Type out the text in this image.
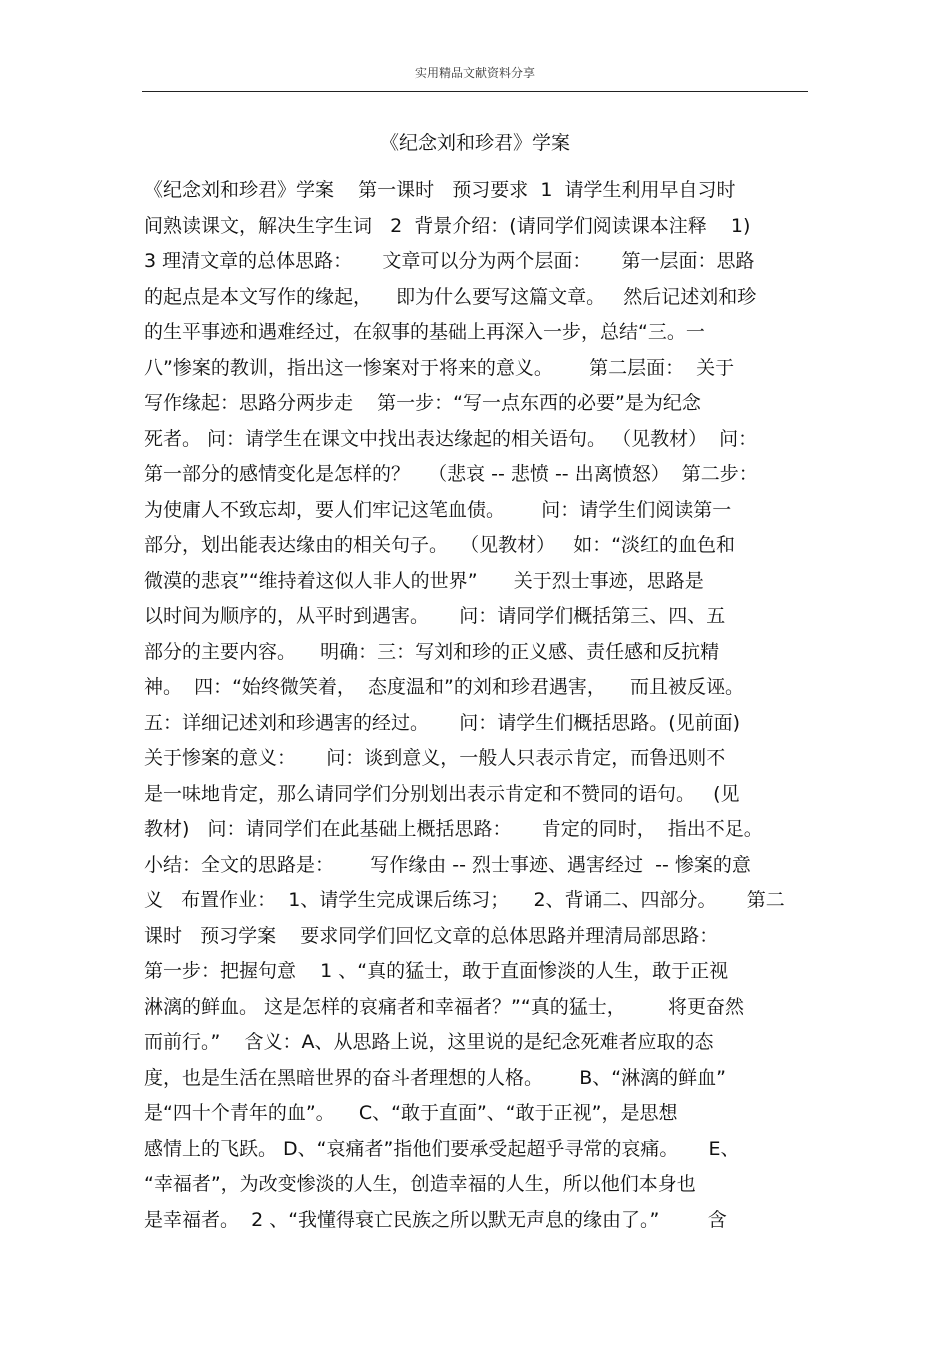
实用精品文献资料分享
《纪念刘和珍君》学案
《纪念刘和珍君》学案    第一课时   预习要求  1  请学生利用早自习时
间熟读课文，解决生字生词   2  背景介绍：(请同学们阅读课本注释    1)
3 理清文章的总体思路：     文章可以分为两个层面：     第一层面：思路
的起点是本文写作的缘起，    即为什么要写这篇文章。   然后记述刘和珍
的生平事迹和遇难经过，在叙事的基础上再深入一步，总结“三。一
八”惨案的教训，指出这一惨案对于将来的意义。      第二层面：  关于
写作缘起：思路分两步走    第一步：“写一点东西的必要”是为纪念
死者。 问：请学生在课文中找出表达缘起的相关语句。 （见教材）  问：
第一部分的感情变化是怎样的？   （悲哀 -- 悲愤 -- 出离愤怒）  第二步：
为使庸人不致忘却，要人们牢记这笔血债。      问：请学生们阅读第一
部分，划出能表达缘由的相关句子。  （见教材）   如：“淡红的血色和
微漠的悲哀”“维持着这似人非人的世界”      关于烈士事迹，思路是
以时间为顺序的，从平时到遇害。     问：请同学们概括第三、四、五
部分的主要内容。    明确：三：写刘和珍的正义感、责任感和反抗精
神。  四：“始终微笑着，  态度温和”的刘和珍君遇害，    而且被反诬。
五：详细记述刘和珍遇害的经过。     问：请学生们概括思路。(见前面)
关于惨案的意义：     问：谈到意义，一般人只表示肯定，而鲁迅则不
是一味地肯定，那么请同学们分别划出表示肯定和不赞同的语句。   (见
教材)   问：请同学们在此基础上概括思路：     肯定的同时，  指出不足。
小结：全文的思路是：      写作缘由 -- 烈士事迹、遇害经过  -- 惨案的意
义   布置作业：  1、请学生完成课后练习；    2、背诵二、四部分。     第二
课时   预习学案    要求同学们回忆文章的总体思路并理清局部思路：
第一步：把握句意    1 、“真的猛士，敢于直面惨淡的人生，敢于正视
淋漓的鲜血。 这是怎样的哀痛者和幸福者？”“真的猛士，       将更奋然
而前行。”    含义：A、从思路上说，这里说的是纪念死难者应取的态
度，也是生活在黑暗世界的奋斗者理想的人格。      B、“淋漓的鲜血”
是“四十个青年的血”。    C、“敢于直面”、“敢于正视”，是思想
感情上的飞跃。 D、“哀痛者”指他们要承受起超乎寻常的哀痛。     E、
“幸福者”，为改变惨淡的人生，创造幸福的人生，所以他们本身也
是幸福者。  2 、“我懂得衰亡民族之所以默无声息的缘由了。”        含
